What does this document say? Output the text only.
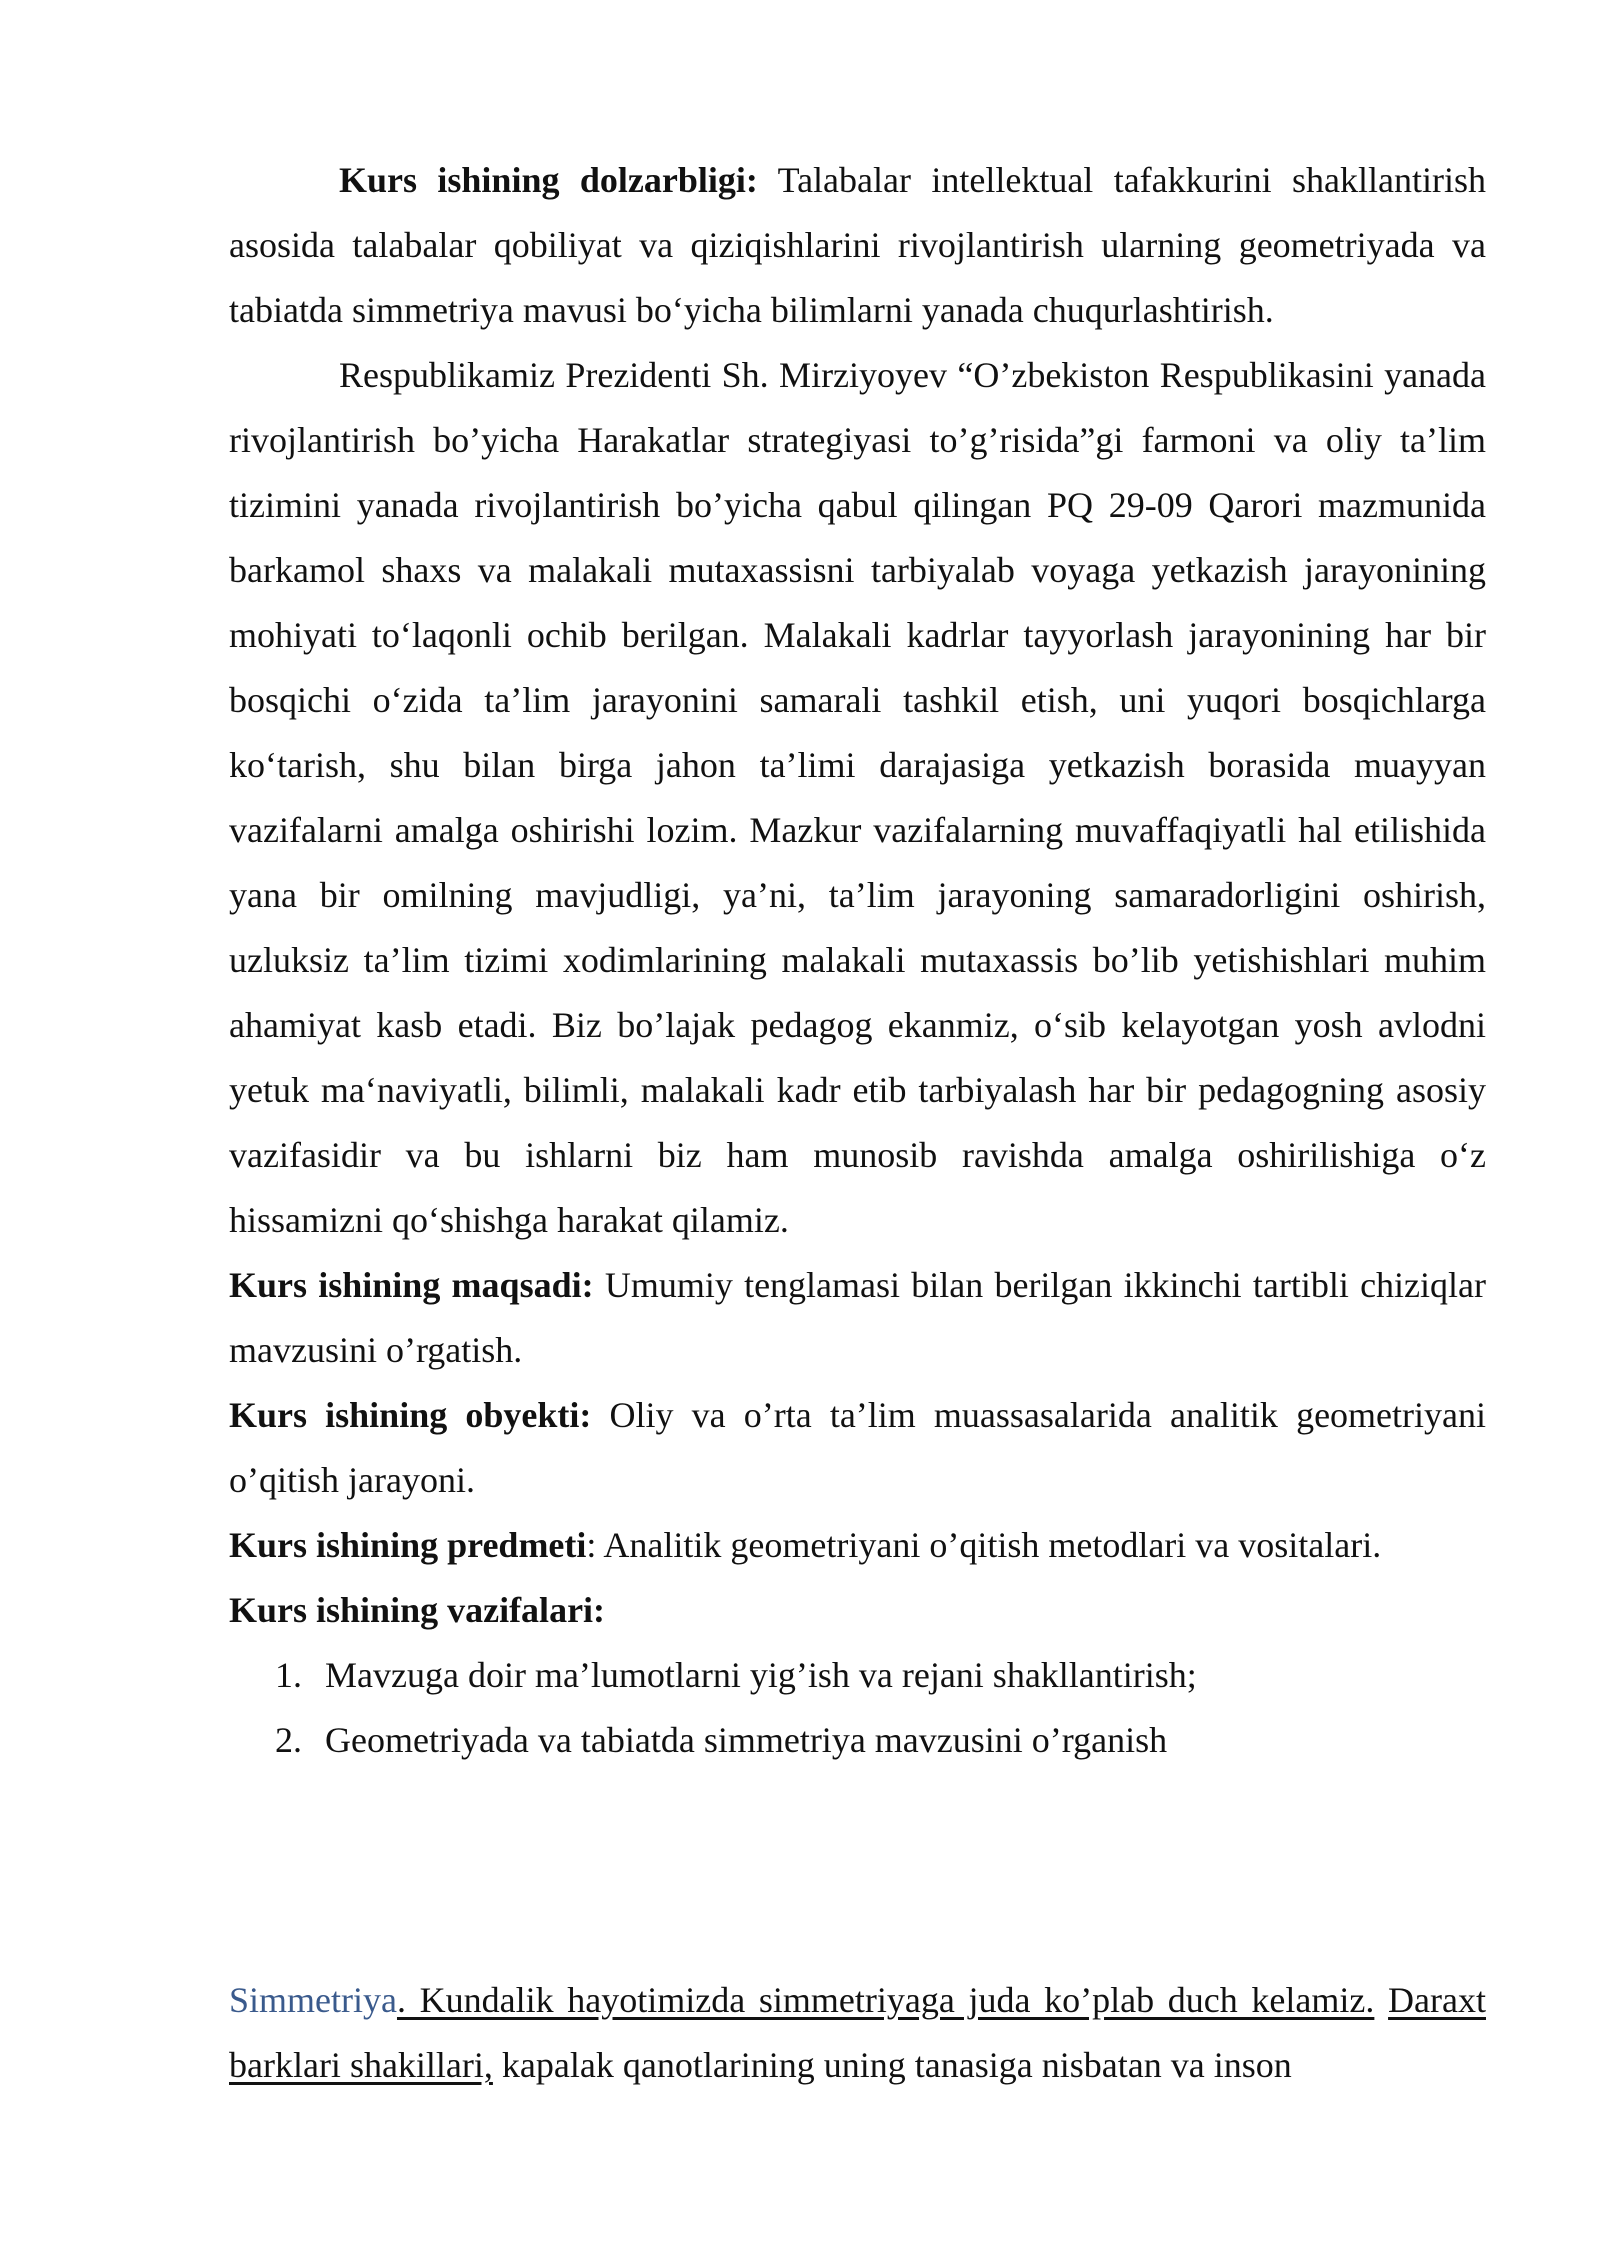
Kurs ishining dolzarbligi: Talabalar intellektual tafakkurini shakllantirish asosida talabalar qobiliyat va qiziqishlarini rivojlantirish ularning geometriyada va tabiatda simmetriya mavusi bo‘yicha bilimlarni yanada chuqurlashtirish.

Respublikamiz Prezidenti Sh. Mirziyoyev “O’zbekiston Respublikasini yanada rivojlantirish bo’yicha Harakatlar strategiyasi to’g’risida”gi farmoni va oliy ta’lim tizimini yanada rivojlantirish bo’yicha qabul qilingan PQ 29-09 Qarori mazmunida barkamol shaxs va malakali mutaxassisni tarbiyalab voyaga yetkazish jarayonining mohiyati to‘laqonli ochib berilgan. Malakali kadrlar tayyorlash jarayonining har bir bosqichi o‘zida ta’lim jarayonini samarali tashkil etish, uni yuqori bosqichlarga ko‘tarish, shu bilan birga jahon ta’limi darajasiga yetkazish borasida muayyan vazifalarni amalga oshirishi lozim. Mazkur vazifalarning muvaffaqiyatli hal etilishida yana bir omilning mavjudligi, ya’ni, ta’lim jarayoning samaradorligini oshirish, uzluksiz ta’lim tizimi xodimlarining malakali mutaxassis bo’lib yetishishlari muhim ahamiyat kasb etadi. Biz bo’lajak pedagog ekanmiz, o‘sib kelayotgan yosh avlodni yetuk ma‘naviyatli, bilimli, malakali kadr etib tarbiyalash har bir pedagogning asosiy vazifasidir va bu ishlarni biz ham munosib ravishda amalga oshirilishiga o‘z hissamizni qo‘shishga harakat qilamiz.

Kurs ishining maqsadi: Umumiy tenglamasi bilan berilgan ikkinchi tartibli chiziqlar mavzusini o’rgatish.

Kurs ishining obyekti: Oliy va o’rta ta’lim muassasalarida analitik geometriyani o’qitish jarayoni.

Kurs ishining predmeti: Analitik geometriyani o’qitish metodlari va vositalari.

Kurs ishining vazifalari:

1. Mavzuga doir ma’lumotlarni yig’ish va rejani shakllantirish;
2. Geometriyada va tabiatda simmetriya mavzusini o’rganish

Simmetriya. Kundalik hayotimizda simmetriyaga juda ko’plab duch kelamiz. Daraxt barklari shakillari, kapalak qanotlarining uning tanasiga nisbatan va inson
